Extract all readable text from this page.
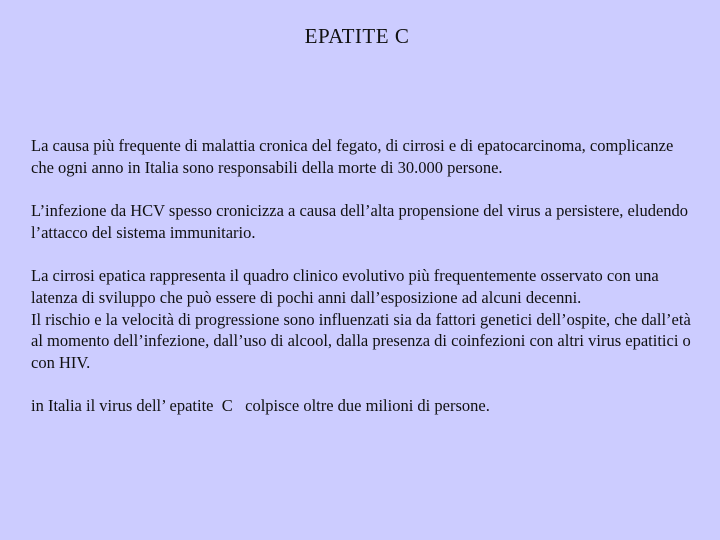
EPATITE C

La causa più frequente di malattia cronica del fegato, di cirrosi e di epatocarcinoma, complicanze che ogni anno in Italia sono responsabili della morte di 30.000 persone.

L’infezione da HCV spesso cronicizza a causa dell’alta propensione del virus a persistere, eludendo l’attacco del sistema immunitario.

La cirrosi epatica rappresenta il quadro clinico evolutivo più frequentemente osservato con una latenza di sviluppo che può essere di pochi anni dall’esposizione ad alcuni decenni.

Il rischio e la velocità di progressione sono influenzati sia da fattori genetici dell’ospite, che dall’età al momento dell’infezione, dall’uso di alcool, dalla presenza di coinfezioni con altri virus epatitici o con HIV.

in Italia il virus dell’ epatite  C   colpisce oltre due milioni di persone.
